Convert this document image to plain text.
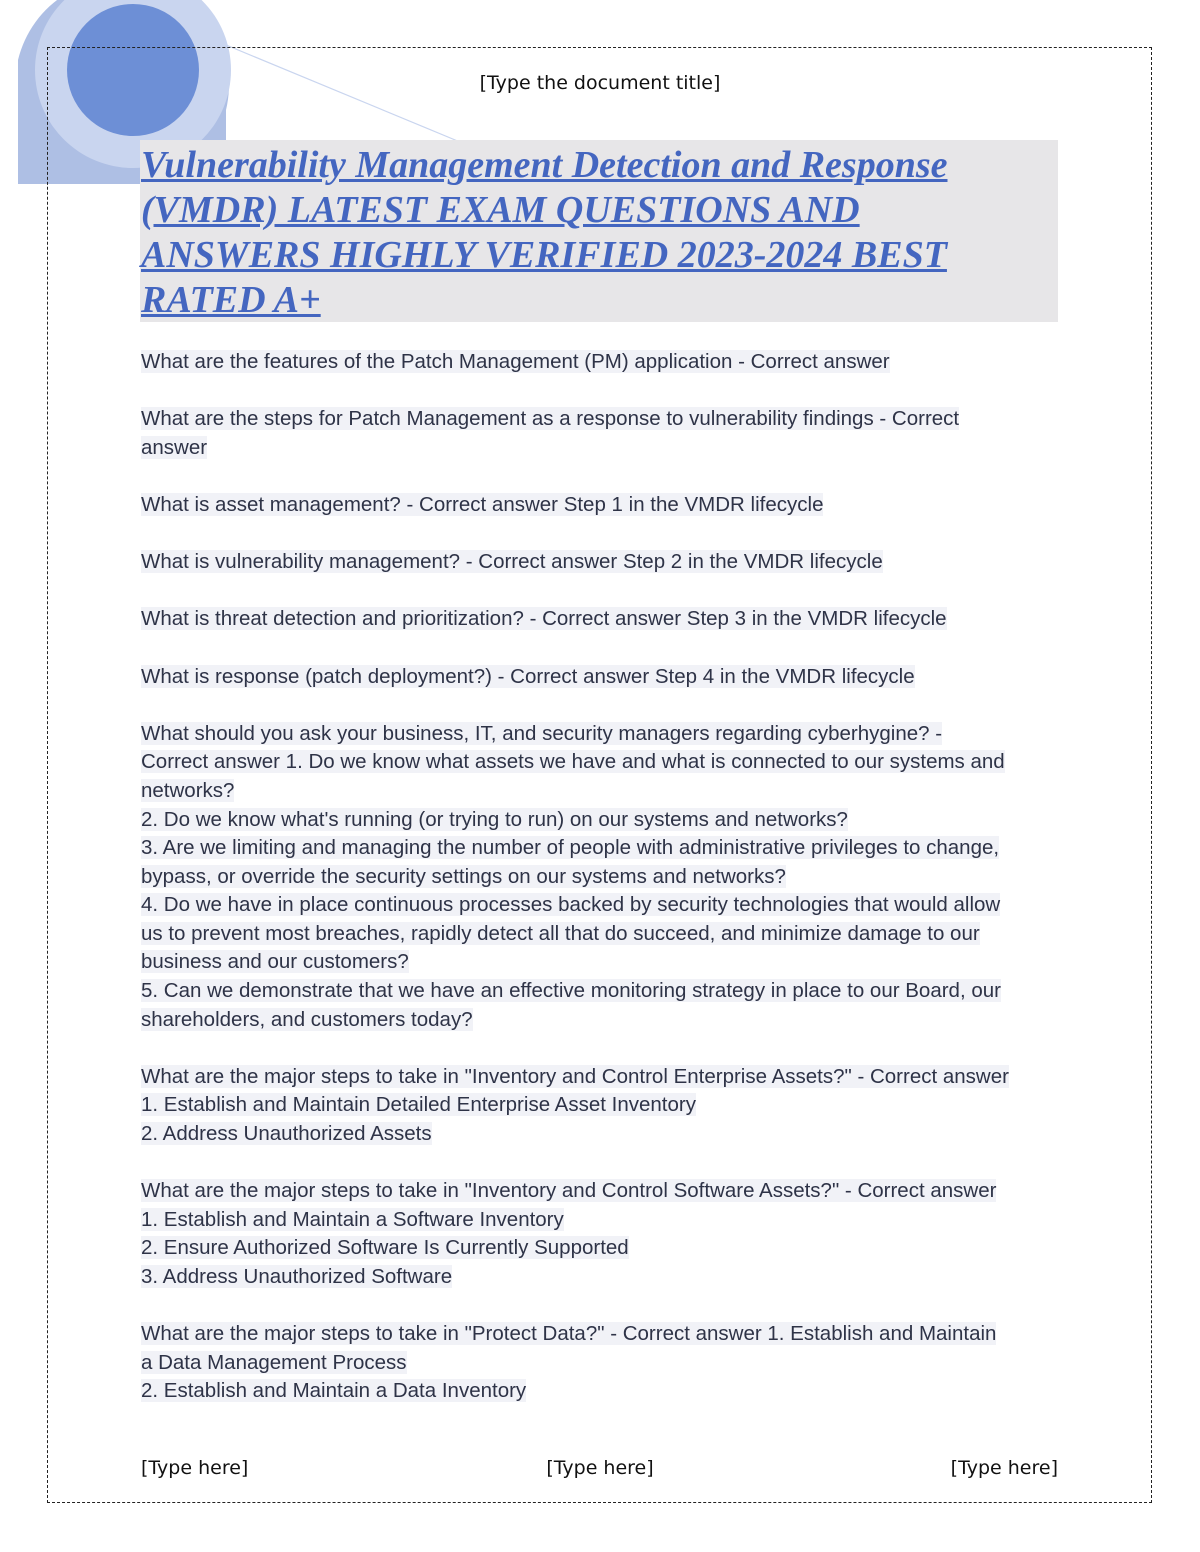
[Type the document title]
Vulnerability Management Detection and Response
(VMDR) LATEST EXAM QUESTIONS AND
ANSWERS HIGHLY VERIFIED 2023-2024 BEST
RATED A+
What are the features of the Patch Management (PM) application - Correct answer
What are the steps for Patch Management as a response to vulnerability findings - Correct
answer
What is asset management? - Correct answer Step 1 in the VMDR lifecycle
What is vulnerability management? - Correct answer Step 2 in the VMDR lifecycle
What is threat detection and prioritization? - Correct answer Step 3 in the VMDR lifecycle
What is response (patch deployment?) - Correct answer Step 4 in the VMDR lifecycle
What should you ask your business, IT, and security managers regarding cyberhygine? -
Correct answer 1. Do we know what assets we have and what is connected to our systems and
networks?
2. Do we know what's running (or trying to run) on our systems and networks?
3. Are we limiting and managing the number of people with administrative privileges to change,
bypass, or override the security settings on our systems and networks?
4. Do we have in place continuous processes backed by security technologies that would allow
us to prevent most breaches, rapidly detect all that do succeed, and minimize damage to our
business and our customers?
5. Can we demonstrate that we have an effective monitoring strategy in place to our Board, our
shareholders, and customers today?
What are the major steps to take in "Inventory and Control Enterprise Assets?" - Correct answer
1. Establish and Maintain Detailed Enterprise Asset Inventory
2. Address Unauthorized Assets
What are the major steps to take in "Inventory and Control Software Assets?" - Correct answer
1. Establish and Maintain a Software Inventory
2. Ensure Authorized Software Is Currently Supported
3. Address Unauthorized Software
What are the major steps to take in "Protect Data?" - Correct answer 1. Establish and Maintain
a Data Management Process
2. Establish and Maintain a Data Inventory
[Type here]	[Type here]	[Type here]
